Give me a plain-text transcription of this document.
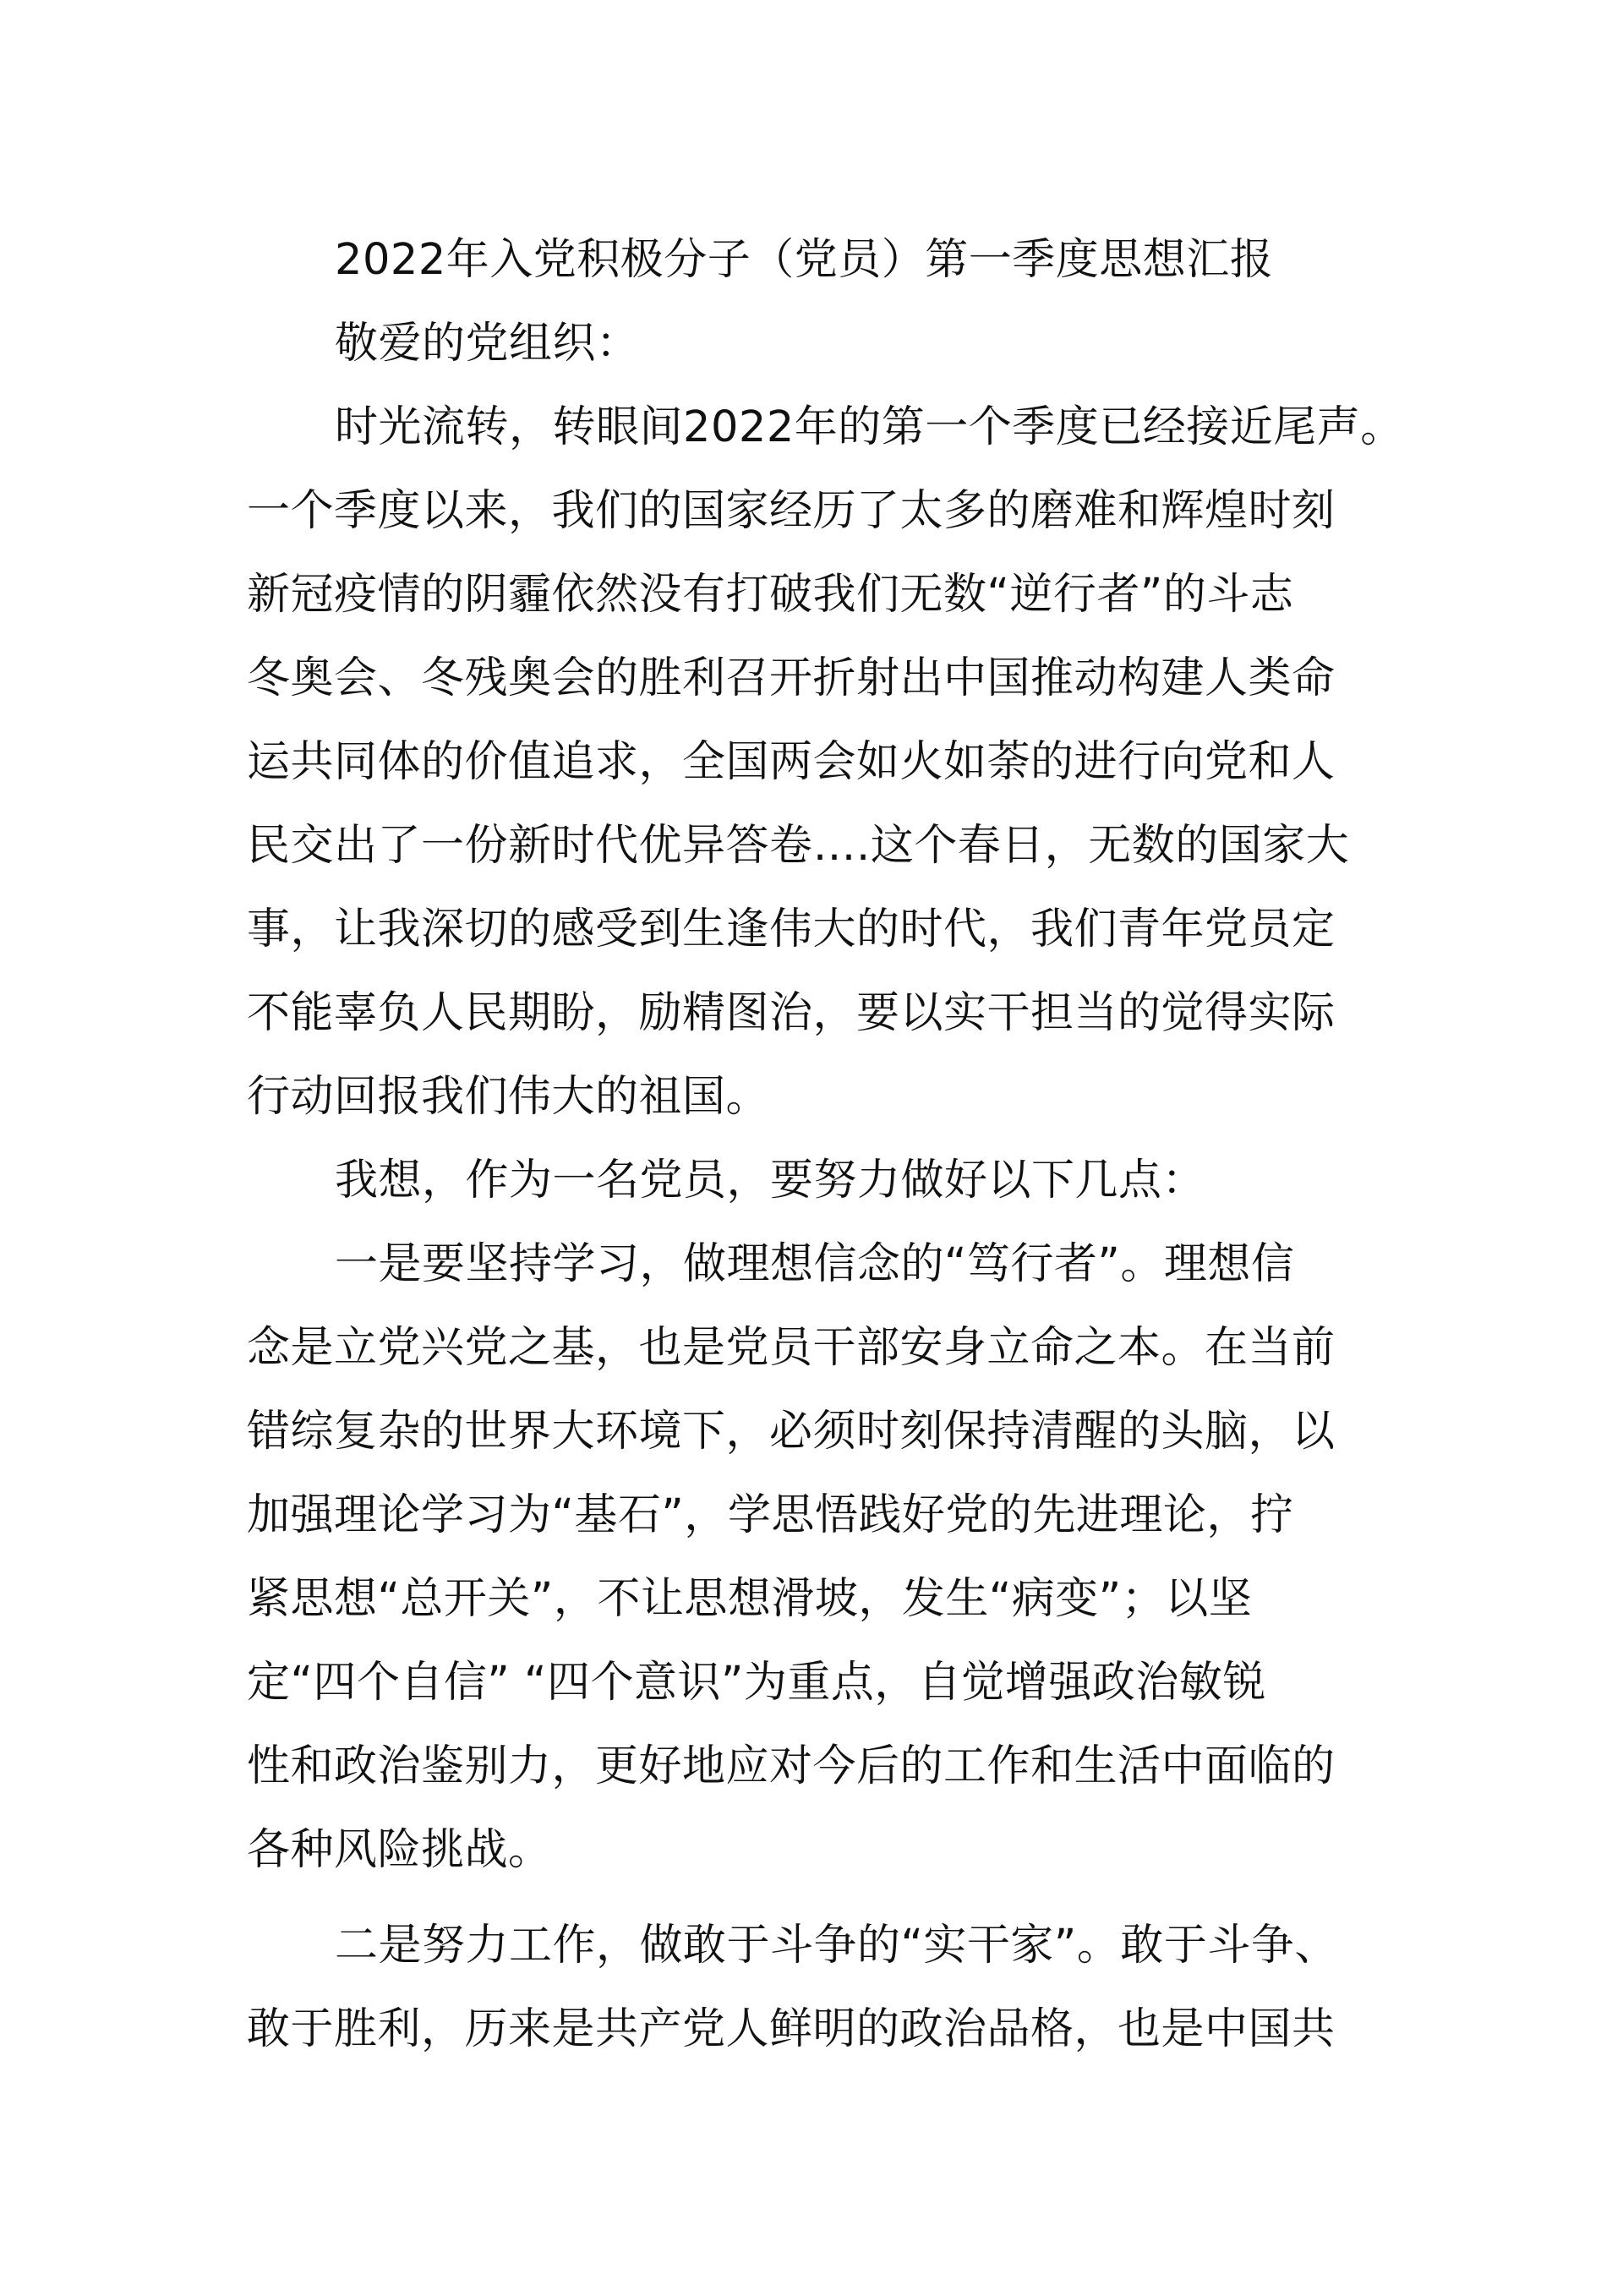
2022年入党积极分子（党员）第一季度思想汇报
敬爱的党组织：
时光流转，转眼间2022年的第一个季度已经接近尾声。
一个季度以来，我们的国家经历了太多的磨难和辉煌时刻
新冠疫情的阴霾依然没有打破我们无数“逆行者”的斗志
冬奥会、冬残奥会的胜利召开折射出中国推动构建人类命
运共同体的价值追求，全国两会如火如荼的进行向党和人
民交出了一份新时代优异答卷….这个春日，无数的国家大
事，让我深切的感受到生逢伟大的时代，我们青年党员定
不能辜负人民期盼，励精图治，要以实干担当的觉得实际
行动回报我们伟大的祖国。
我想，作为一名党员，要努力做好以下几点：
一是要坚持学习，做理想信念的“笃行者”。理想信
念是立党兴党之基，也是党员干部安身立命之本。在当前
错综复杂的世界大环境下，必须时刻保持清醒的头脑，以
加强理论学习为“基石”，学思悟践好党的先进理论，拧
紧思想“总开关”，不让思想滑坡，发生“病变”；以坚
定“四个自信” “四个意识”为重点，自觉增强政治敏锐
性和政治鉴别力，更好地应对今后的工作和生活中面临的
各种风险挑战。
二是努力工作，做敢于斗争的“实干家”。敢于斗争、
敢于胜利，历来是共产党人鲜明的政治品格，也是中国共
